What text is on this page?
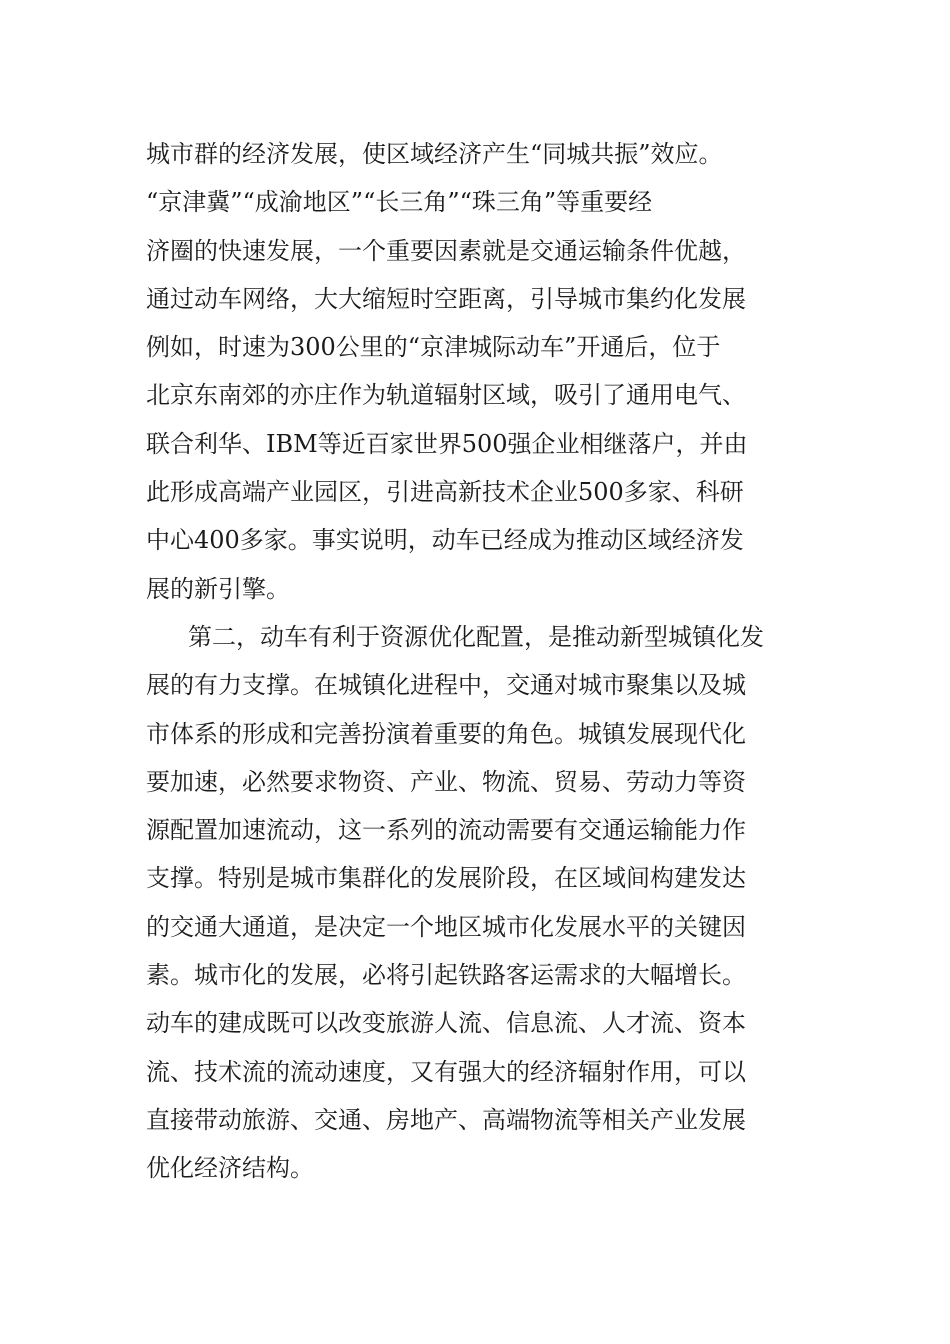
城市群的经济发展，使区域经济产生“同城共振”效应。
“京津冀”“成渝地区”“长三角”“珠三角”等重要经
济圈的快速发展，一个重要因素就是交通运输条件优越，
通过动车网络，大大缩短时空距离，引导城市集约化发展
例如，时速为300公里的“京津城际动车”开通后，位于
北京东南郊的亦庄作为轨道辐射区域，吸引了通用电气、
联合利华、IBM等近百家世界500强企业相继落户，并由
此形成高端产业园区，引进高新技术企业500多家、科研
中心400多家。事实说明，动车已经成为推动区域经济发
展的新引擎。
第二，动车有利于资源优化配置，是推动新型城镇化发
展的有力支撑。在城镇化进程中，交通对城市聚集以及城
市体系的形成和完善扮演着重要的角色。城镇发展现代化
要加速，必然要求物资、产业、物流、贸易、劳动力等资
源配置加速流动，这一系列的流动需要有交通运输能力作
支撑。特别是城市集群化的发展阶段，在区域间构建发达
的交通大通道，是决定一个地区城市化发展水平的关键因
素。城市化的发展，必将引起铁路客运需求的大幅增长。
动车的建成既可以改变旅游人流、信息流、人才流、资本
流、技术流的流动速度，又有强大的经济辐射作用，可以
直接带动旅游、交通、房地产、高端物流等相关产业发展
优化经济结构。
